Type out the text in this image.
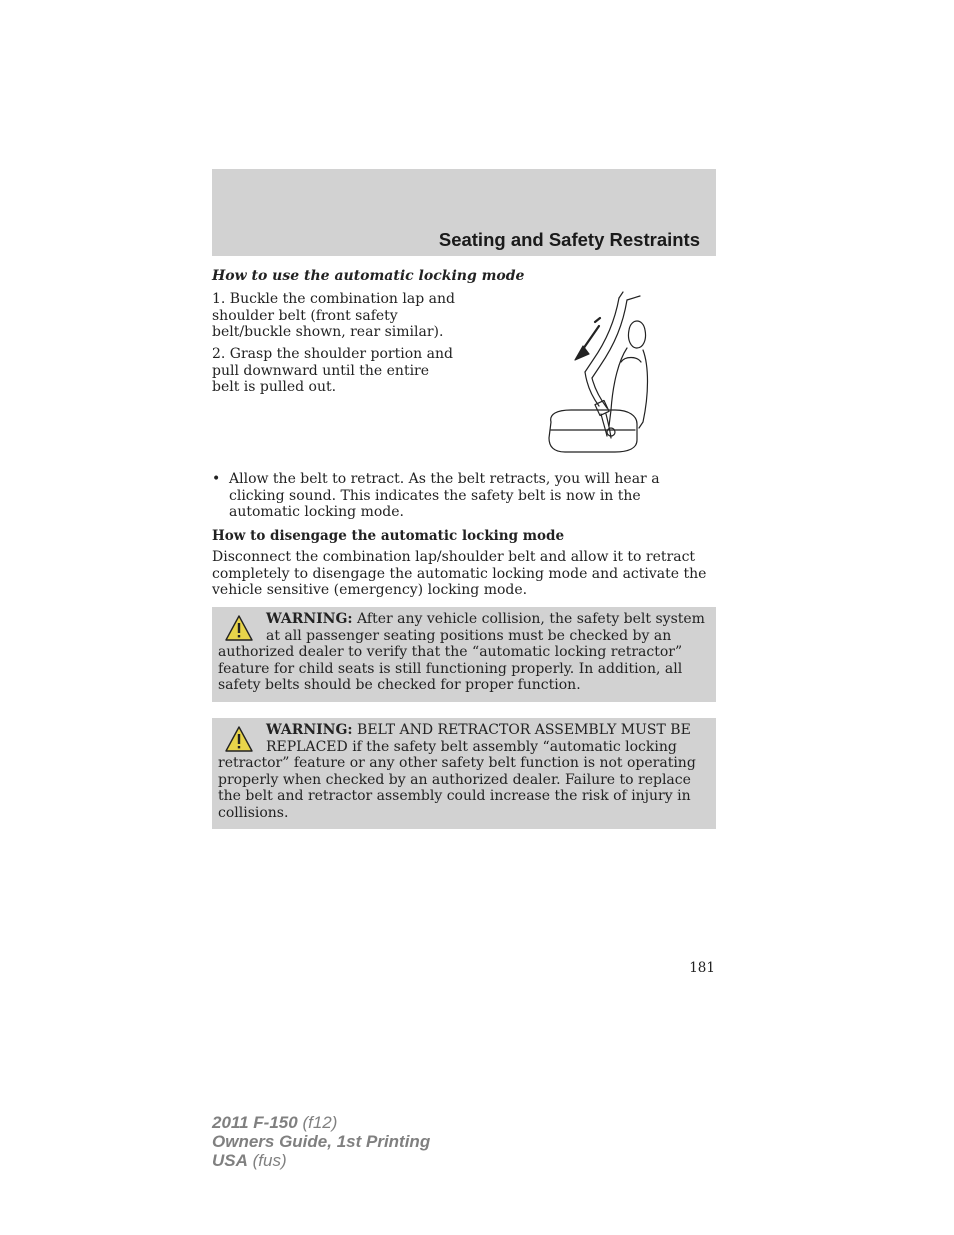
Seating and Safety Restraints
How to use the automatic locking mode
1. Buckle the combination lap and shoulder belt (front safety belt/buckle shown, rear similar).
2. Grasp the shoulder portion and pull downward until the entire belt is pulled out.
• Allow the belt to retract. As the belt retracts, you will hear a clicking sound. This indicates the safety belt is now in the automatic locking mode.
How to disengage the automatic locking mode
Disconnect the combination lap/shoulder belt and allow it to retract completely to disengage the automatic locking mode and activate the vehicle sensitive (emergency) locking mode.
WARNING: After any vehicle collision, the safety belt system at all passenger seating positions must be checked by an authorized dealer to verify that the “automatic locking retractor” feature for child seats is still functioning properly. In addition, all safety belts should be checked for proper function.
WARNING: BELT AND RETRACTOR ASSEMBLY MUST BE REPLACED if the safety belt assembly “automatic locking retractor” feature or any other safety belt function is not operating properly when checked by an authorized dealer. Failure to replace the belt and retractor assembly could increase the risk of injury in collisions.
181
2011 F-150 (f12)
Owners Guide, 1st Printing
USA (fus)
